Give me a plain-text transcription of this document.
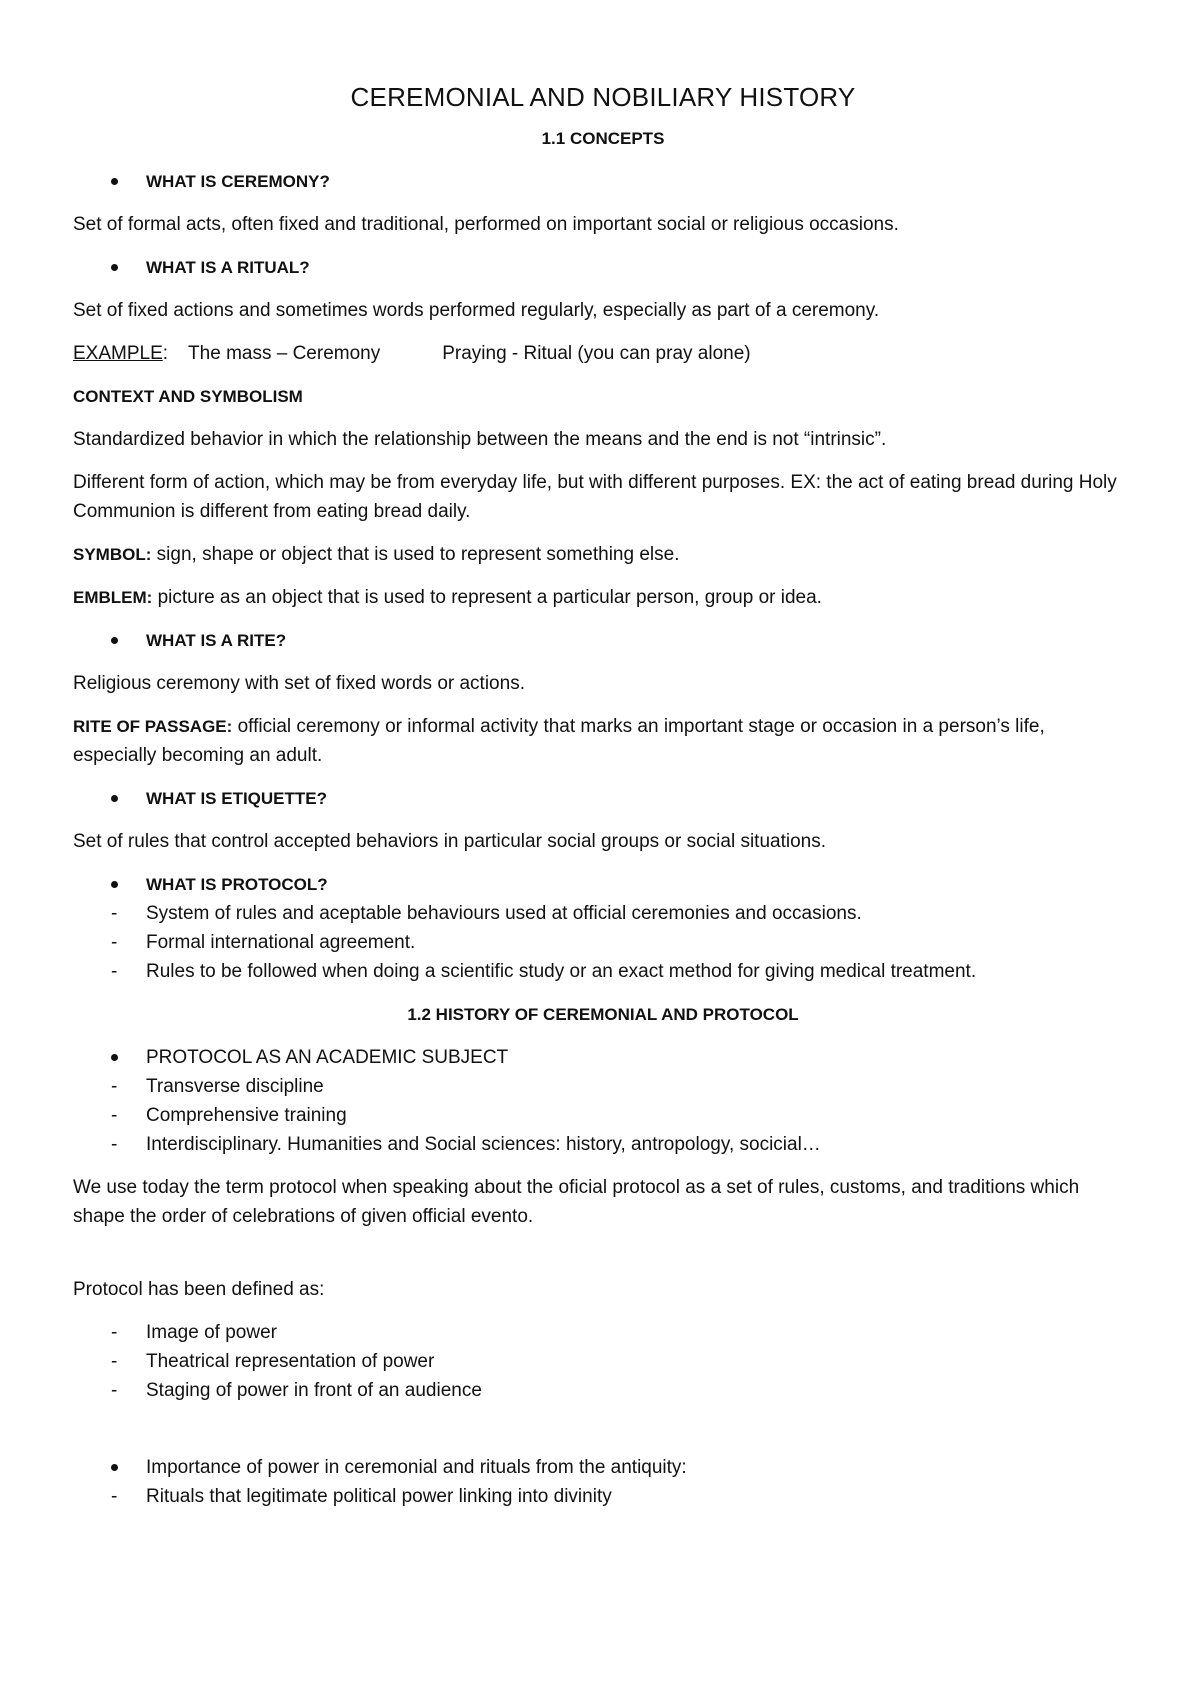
CEREMONIAL AND NOBILIARY HISTORY
1.1 CONCEPTS
WHAT IS CEREMONY?

Set of formal acts, often fixed and traditional, performed on important social or religious occasions.

WHAT IS A RITUAL?

Set of fixed actions and sometimes words performed regularly, especially as part of a ceremony.

EXAMPLE: The mass – Ceremony	Praying - Ritual (you can pray alone)

CONTEXT AND SYMBOLISM

Standardized behavior in which the relationship between the means and the end is not “intrinsic”.

Different form of action, which may be from everyday life, but with different purposes. EX: the act of eating bread during Holy Communion is different from eating bread daily.

SYMBOL: sign, shape or object that is used to represent something else.

EMBLEM: picture as an object that is used to represent a particular person, group or idea.

WHAT IS A RITE?

Religious ceremony with set of fixed words or actions.

RITE OF PASSAGE: official ceremony or informal activity that marks an important stage or occasion in a person’s life, especially becoming an adult.

WHAT IS ETIQUETTE?

Set of rules that control accepted behaviors in particular social groups or social situations.

WHAT IS PROTOCOL?
- System of rules and aceptable behaviours used at official ceremonies and occasions.
- Formal international agreement.
- Rules to be followed when doing a scientific study or an exact method for giving medical treatment.
1.2 HISTORY OF CEREMONIAL AND PROTOCOL
PROTOCOL AS AN ACADEMIC SUBJECT
- Transverse discipline
- Comprehensive training
- Interdisciplinary. Humanities and Social sciences: history, antropology, socicial…

We use today the term protocol when speaking about the oficial protocol as a set of rules, customs, and traditions which shape the order of celebrations of given official evento.

Protocol has been defined as:

- Image of power
- Theatrical representation of power
- Staging of power in front of an audience
Importance of power in ceremonial and rituals from the antiquity:
- Rituals that legitimate political power linking into divinity
